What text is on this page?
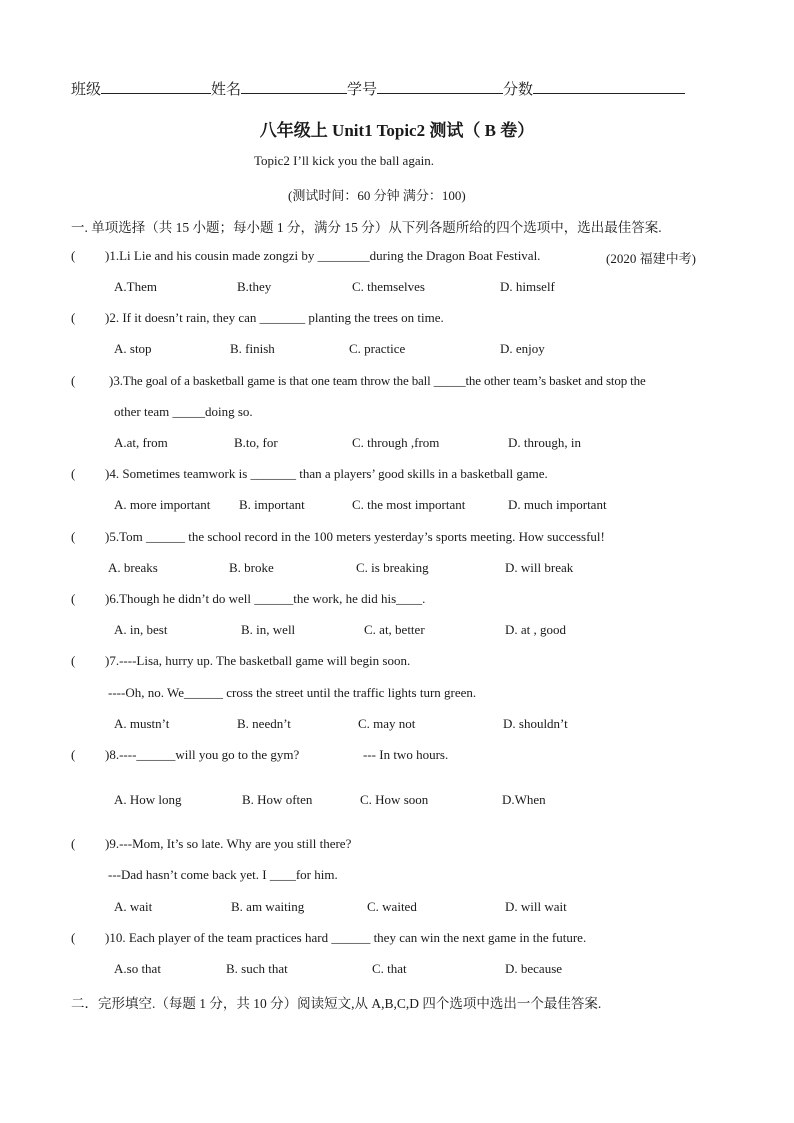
班级	姓名	学号	分数
八年级上 Unit1 Topic2 测试（ B 卷）
Topic2 I’ll kick you the ball again.
(测试时间：60 分钟 满分：100)
一. 单项选择（共 15 小题；每小题 1 分，满分 15 分）从下列各题所给的四个选项中，选出最佳答案.
( )1.Li Lie and his cousin made zongzi by ________during the Dragon Boat Festival.	(2020 福建中考)
A.Them	B.they	C. themselves	D. himself
( )2. If it doesn’t rain, they can _______ planting the trees on time.
A. stop	B. finish	C. practice	D. enjoy
(	)3.The goal of a basketball game is that one team throw the ball _____the other team’s basket and stop the
other team _____doing so.
A.at, from	B.to, for	C. through ,from	D. through, in
( )4. Sometimes teamwork is _______ than a players’ good skills in a basketball game.
A. more important B. important	C. the most important	D. much important
( )5.Tom ______ the school record in the 100 meters yesterday’s sports meeting. How successful!
A. breaks	B. broke	C. is breaking	D. will break
( )6.Though he didn’t do well ______the work, he did his____.
A. in, best	B. in, well	C. at, better	D. at , good
( )7.----Lisa, hurry up. The basketball game will begin soon.
----Oh, no. We______ cross the street until the traffic lights turn green.
A. mustn’t	B. needn’t	C. may not	D. shouldn’t
( )8.----______will you go to the gym?	--- In two hours.
A. How long	B. How often	C. How soon	D.When
( )9.---Mom, It’s so late. Why are you still there?
---Dad hasn’t come back yet. I ____for him.
A. wait	B. am waiting	C. waited	D. will wait
( )10. Each player of the team practices hard ______ they can win the next game in the future.
A.so that	B. such that	C. that	D. because
二．完形填空.（每题 1 分，共 10 分）阅读短文,从 A,B,C,D 四个选项中选出一个最佳答案.
